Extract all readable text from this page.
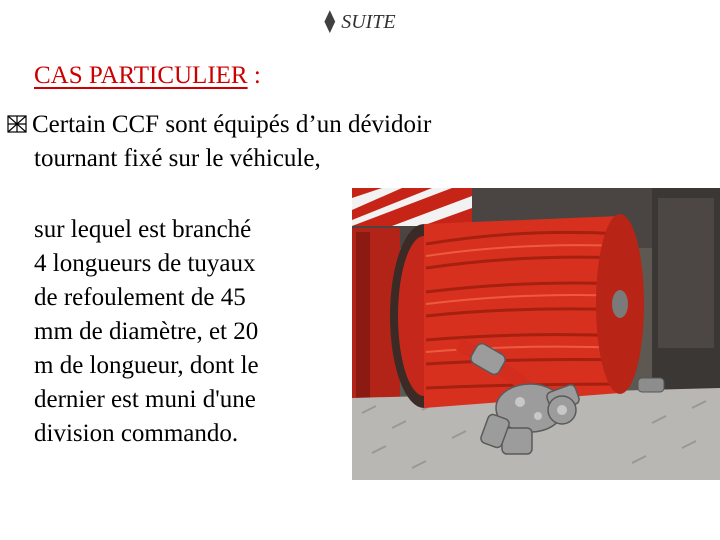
⧫ SUITE
CAS PARTICULIER :
Certain CCF sont équipés d’un dévidoir
tournant fixé sur le véhicule,
sur lequel est branché
4 longueurs de tuyaux
de refoulement de 45
mm de diamètre, et 20
m de longueur, dont le
dernier est muni d'une
division commando.
